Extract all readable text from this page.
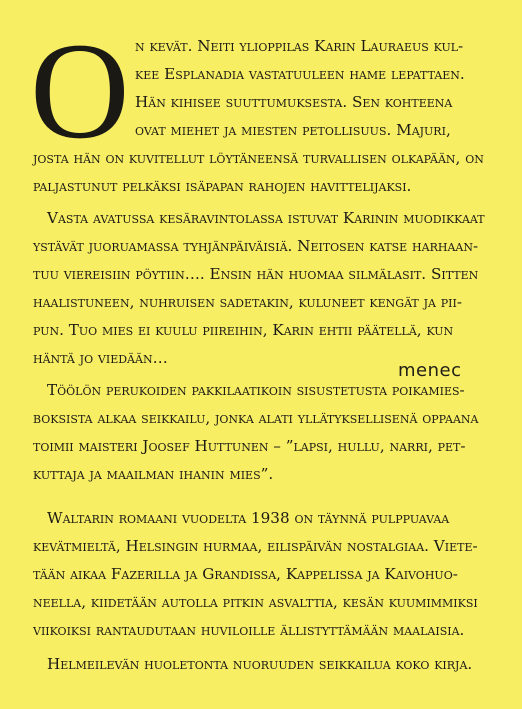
O n kevät. Neiti ylioppilas Karin Lauraeus kul-
kee Esplanadia vastatuuleen hame lepattaen.
Hän kihisee suuttumuksesta. Sen kohteena
ovat miehet ja miesten petollisuus. Majuri,
josta hän on kuvitellut löytäneensä turvallisen olkapään, on
paljastunut pelkäksi isäpapan rahojen havittelijaksi.
Vasta avatussa kesäravintolassa istuvat Karinin muodikkaat
ystävät juoruamassa tyhjänpäiväisiä. Neitosen katse harhaan-
tuu viereisiin pöytiin…. Ensin hän huomaa silmälasit. Sitten
haalistuneen, nuhruisen sadetakin, kuluneet kengät ja pii-
pun. Tuo mies ei kuulu piireihin, Karin ehtii päätellä, kun
häntä jo viedään…
menec
Töölön perukoiden pakkilaatikoin sisustetusta poikamies-
boksista alkaa seikkailu, jonka alati yllätyksellisenä oppaana
toimii maisteri Joosef Huttunen – ”lapsi, hullu, narri, pet-
kuttaja ja maailman ihanin mies”.
Waltarin romaani vuodelta 1938 on täynnä pulppuavaa
kevätmieltä, Helsingin hurmaa, eilispäivän nostalgiaa. Viete-
tään aikaa Fazerilla ja Grandissa, Kappelissa ja Kaivohuo-
neella, kiidetään autolla pitkin asvalttia, kesän kuumimmiksi
viikoiksi rantaudutaan huviloille ällistyttämään maalaisia.
Helmeilevän huoletonta nuoruuden seikkailua koko kirja.
